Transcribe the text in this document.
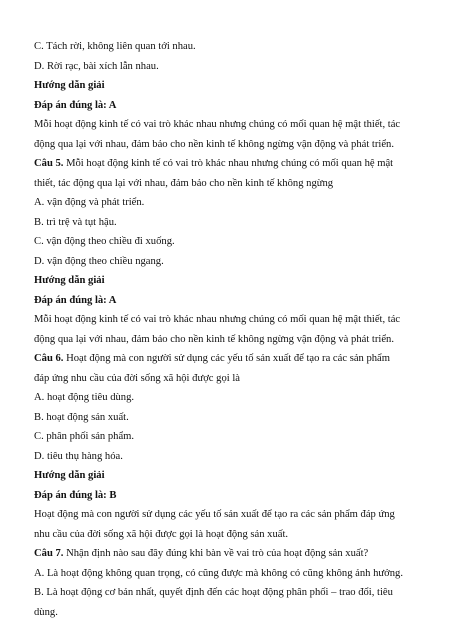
C. Tách rời, không liên quan tới nhau.
D. Rời rạc, bài xích lẫn nhau.
Hướng dẫn giải
Đáp án đúng là: A
Mỗi hoạt động kinh tế có vai trò khác nhau nhưng chúng có mối quan hệ mật thiết, tác
động qua lại với nhau, đảm bảo cho nền kinh tế không ngừng vận động và phát triển.
Câu 5. Mỗi hoạt động kinh tế có vai trò khác nhau nhưng chúng có mối quan hệ mật
thiết, tác động qua lại với nhau, đảm bảo cho nền kinh tế không ngừng
A. vận động và phát triển.
B. trì trệ và tụt hậu.
C. vận động theo chiều đi xuống.
D. vận động theo chiều ngang.
Hướng dẫn giải
Đáp án đúng là: A
Mỗi hoạt động kinh tế có vai trò khác nhau nhưng chúng có mối quan hệ mật thiết, tác
động qua lại với nhau, đảm bảo cho nền kinh tế không ngừng vận động và phát triển.
Câu 6. Hoạt động mà con người sử dụng các yếu tố sản xuất để tạo ra các sản phẩm
đáp ứng nhu cầu của đời sống xã hội được gọi là
A. hoạt động tiêu dùng.
B. hoạt động sản xuất.
C. phân phối sản phẩm.
D. tiêu thụ hàng hóa.
Hướng dẫn giải
Đáp án đúng là: B
Hoạt động mà con người sử dụng các yếu tố sản xuất để tạo ra các sản phẩm đáp ứng
nhu cầu của đời sống xã hội được gọi là hoạt động sản xuất.
Câu 7. Nhận định nào sau đây đúng khi bàn về vai trò của hoạt động sản xuất?
A. Là hoạt động không quan trọng, có cũng được mà không có cũng không ảnh hưởng.
B. Là hoạt động cơ bản nhất, quyết định đến các hoạt động phân phối – trao đổi, tiêu
dùng.
